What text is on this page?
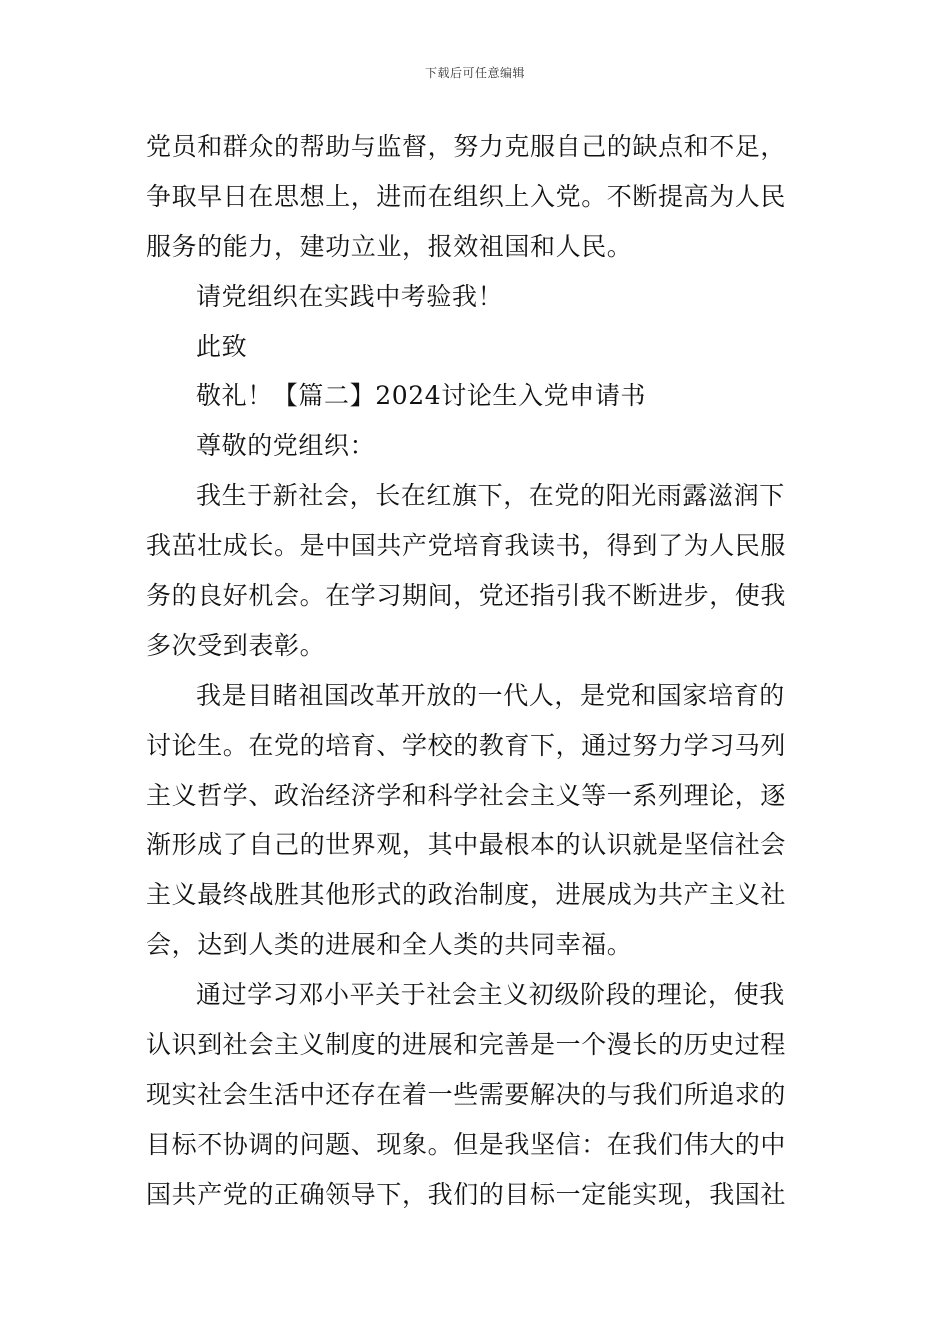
下载后可任意编辑
党员和群众的帮助与监督，努力克服自己的缺点和不足，
争取早日在思想上，进而在组织上入党。不断提高为人民
服务的能力，建功立业，报效祖国和人民。
请党组织在实践中考验我！
此致
敬礼！【篇二】2024讨论生入党申请书
尊敬的党组织：
我生于新社会，长在红旗下，在党的阳光雨露滋润下
我茁壮成长。是中国共产党培育我读书，得到了为人民服
务的良好机会。在学习期间，党还指引我不断进步，使我
多次受到表彰。
我是目睹祖国改革开放的一代人，是党和国家培育的
讨论生。在党的培育、学校的教育下，通过努力学习马列
主义哲学、政治经济学和科学社会主义等一系列理论，逐
渐形成了自己的世界观，其中最根本的认识就是坚信社会
主义最终战胜其他形式的政治制度，进展成为共产主义社
会，达到人类的进展和全人类的共同幸福。
通过学习邓小平关于社会主义初级阶段的理论，使我
认识到社会主义制度的进展和完善是一个漫长的历史过程
现实社会生活中还存在着一些需要解决的与我们所追求的
目标不协调的问题、现象。但是我坚信：在我们伟大的中
国共产党的正确领导下，我们的目标一定能实现，我国社
